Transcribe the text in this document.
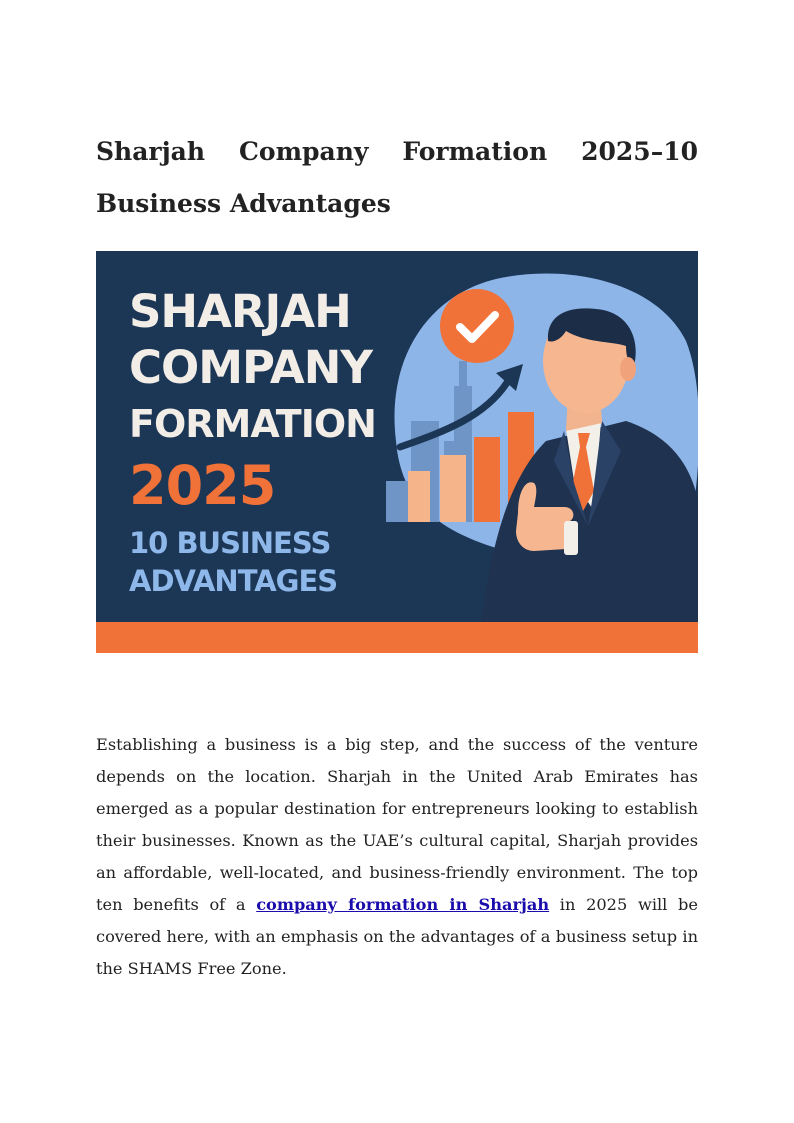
Sharjah Company Formation 2025–10 Business Advantages
SHARJAH
COMPANY
FORMATION
2025
10 BUSINESS
ADVANTAGES

Establishing a business is a big step, and the success of the venture depends on the location. Sharjah in the United Arab Emirates has emerged as a popular destination for entrepreneurs looking to establish their businesses. Known as the UAE’s cultural capital, Sharjah provides an affordable, well-located, and business-friendly environment. The top ten benefits of a company formation in Sharjah in 2025 will be covered here, with an emphasis on the advantages of a business setup in the SHAMS Free Zone.
